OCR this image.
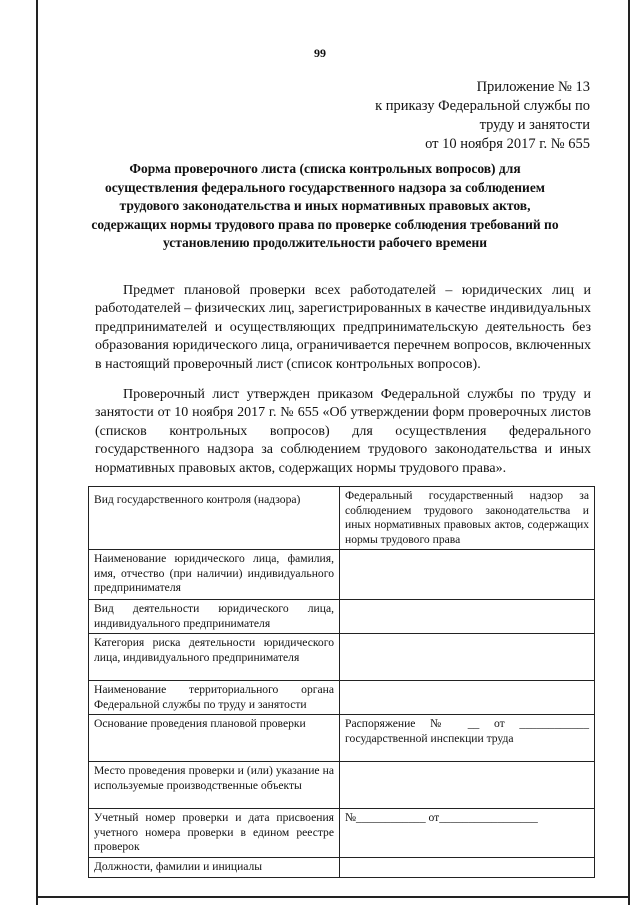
99
Приложение № 13
к приказу Федеральной службы по
труду и занятости
от 10 ноября 2017 г. № 655
Форма проверочного листа (списка контрольных вопросов) для осуществления федерального государственного надзора за соблюдением трудового законодательства и иных нормативных правовых актов, содержащих нормы трудового права по проверке соблюдения требований по установлению продолжительности рабочего времени
Предмет плановой проверки всех работодателей – юридических лиц и работодателей – физических лиц, зарегистрированных в качестве индивидуальных предпринимателей и осуществляющих предпринимательскую деятельность без образования юридического лица, ограничивается перечнем вопросов, включенных в настоящий проверочный лист (список контрольных вопросов).
Проверочный лист утвержден приказом Федеральной службы по труду и занятости от 10 ноября 2017 г. № 655 «Об утверждении форм проверочных листов (списков контрольных вопросов) для осуществления федерального государственного надзора за соблюдением трудового законодательства и иных нормативных правовых актов, содержащих нормы трудового права».
Вид государственного контроля (надзора)	Федеральный государственный надзор за соблюдением трудового законодательства и иных нормативных правовых актов, содержащих нормы трудового права
Наименование юридического лица, фамилия, имя, отчество (при наличии) индивидуального предпринимателя	
Вид деятельности юридического лица, индивидуального предпринимателя	
Категория риска деятельности юридического лица, индивидуального предпринимателя	
Наименование территориального органа Федеральной службы по труду и занятости	
Основание проведения плановой проверки	Распоряжение № __ от ____________ государственной инспекции труда
Место проведения проверки и (или) указание на используемые производственные объекты	
Учетный номер проверки и дата присвоения учетного номера проверки в едином реестре проверок	№____________ от_________________
Должности, фамилии и инициалы	
